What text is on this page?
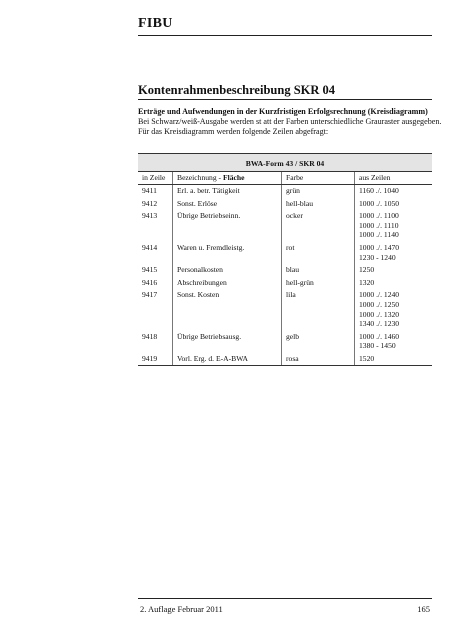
FIBU
Kontenrahmenbeschreibung SKR 04
Erträge und Aufwendungen in der Kurzfristigen Erfolgsrechnung (Kreisdiagramm)
Bei Schwarz/weiß-Ausgabe werden st att der Farben unterschiedliche Grauraster ausgegeben.
Für das Kreisdiagramm werden folgende Zeilen abgefragt:
BWA-Form 43 / SKR 04			
in Zeile	Bezeichnung - Fläche	Farbe	aus Zeilen
9411	Erl. a. betr. Tätigkeit	grün	1160 ./. 1040

9412	Sonst. Erlöse	hell-blau	1000 ./. 1050

9413	Übrige Betriebseinn.	ocker	1000 ./. 1100
1000 ./. 1110
1000 ./. 1140

9414	Waren u. Fremdleistg.	rot	1000 ./. 1470
1230 - 1240

9415	Personalkosten	blau	1250

9416	Abschreibungen	hell-grün	1320

9417	Sonst. Kosten	lila	1000 ./. 1240
1000 ./. 1250
1000 ./. 1320
1340 ./. 1230

9418	Übrige Betriebsausg.	gelb	1000 ./. 1460
1380 - 1450

9419	Vorl. Erg. d. E-A-BWA	rosa	1520
2. Auflage Februar 2011	165
